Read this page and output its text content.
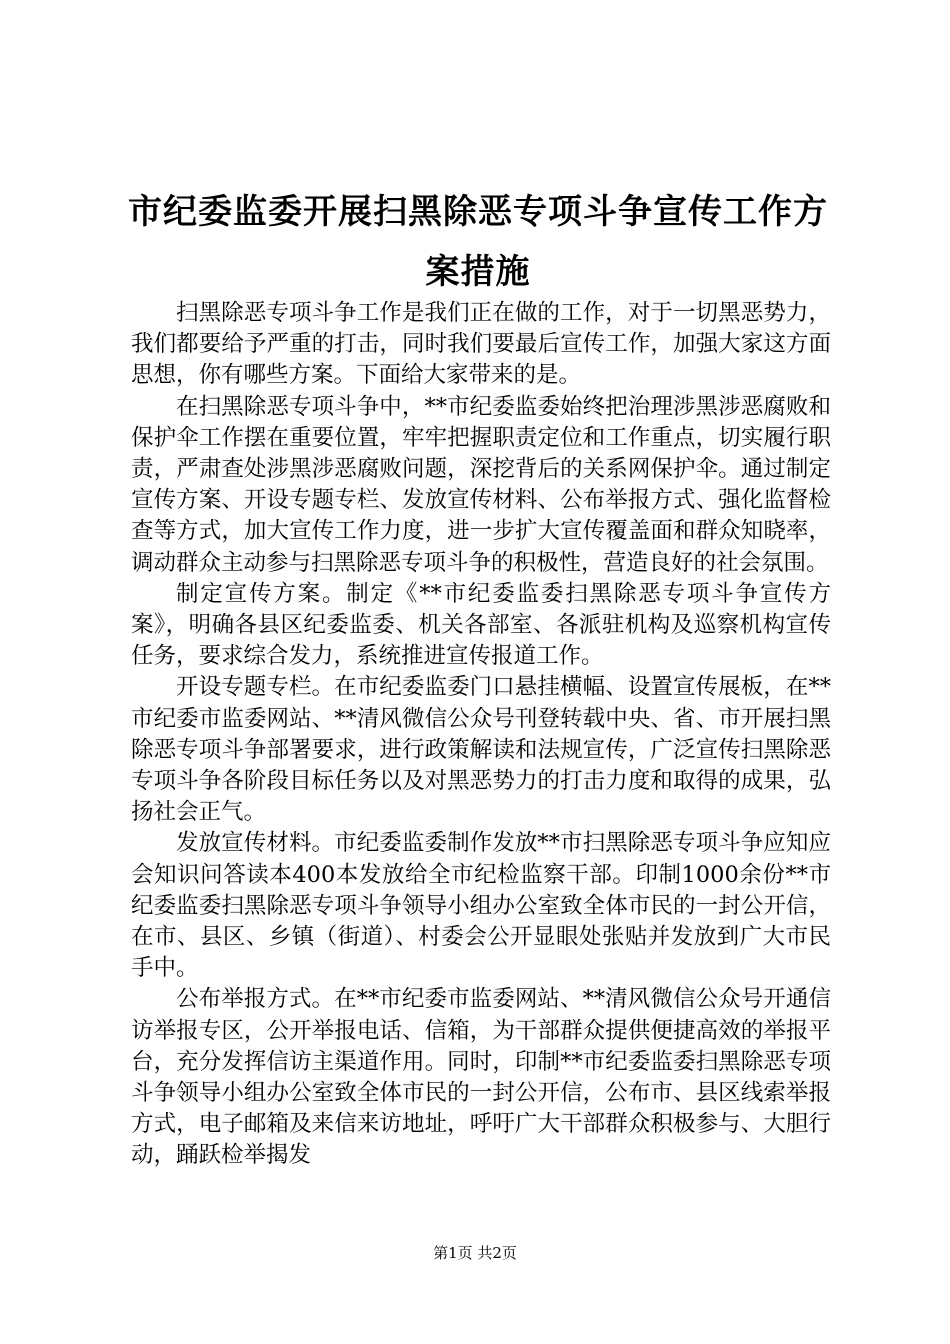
市纪委监委开展扫黑除恶专项斗争宣传工作方案措施

扫黑除恶专项斗争工作是我们正在做的工作，对于一切黑恶势力，我们都要给予严重的打击，同时我们要最后宣传工作，加强大家这方面思想，你有哪些方案。下面给大家带来的是。

在扫黑除恶专项斗争中，**市纪委监委始终把治理涉黑涉恶腐败和保护伞工作摆在重要位置，牢牢把握职责定位和工作重点，切实履行职责，严肃查处涉黑涉恶腐败问题，深挖背后的关系网保护伞。通过制定宣传方案、开设专题专栏、发放宣传材料、公布举报方式、强化监督检查等方式，加大宣传工作力度，进一步扩大宣传覆盖面和群众知晓率，调动群众主动参与扫黑除恶专项斗争的积极性，营造良好的社会氛围。

制定宣传方案。制定《**市纪委监委扫黑除恶专项斗争宣传方案》，明确各县区纪委监委、机关各部室、各派驻机构及巡察机构宣传任务，要求综合发力，系统推进宣传报道工作。

开设专题专栏。在市纪委监委门口悬挂横幅、设置宣传展板，在**市纪委市监委网站、**清风微信公众号刊登转载中央、省、市开展扫黑除恶专项斗争部署要求，进行政策解读和法规宣传，广泛宣传扫黑除恶专项斗争各阶段目标任务以及对黑恶势力的打击力度和取得的成果，弘扬社会正气。

发放宣传材料。市纪委监委制作发放**市扫黑除恶专项斗争应知应会知识问答读本400本发放给全市纪检监察干部。印制1000余份**市纪委监委扫黑除恶专项斗争领导小组办公室致全体市民的一封公开信，在市、县区、乡镇（街道）、村委会公开显眼处张贴并发放到广大市民手中。

公布举报方式。在**市纪委市监委网站、**清风微信公众号开通信访举报专区，公开举报电话、信箱，为干部群众提供便捷高效的举报平台，充分发挥信访主渠道作用。同时，印制**市纪委监委扫黑除恶专项斗争领导小组办公室致全体市民的一封公开信，公布市、县区线索举报方式，电子邮箱及来信来访地址，呼吁广大干部群众积极参与、大胆行动，踊跃检举揭发

第1页 共2页
